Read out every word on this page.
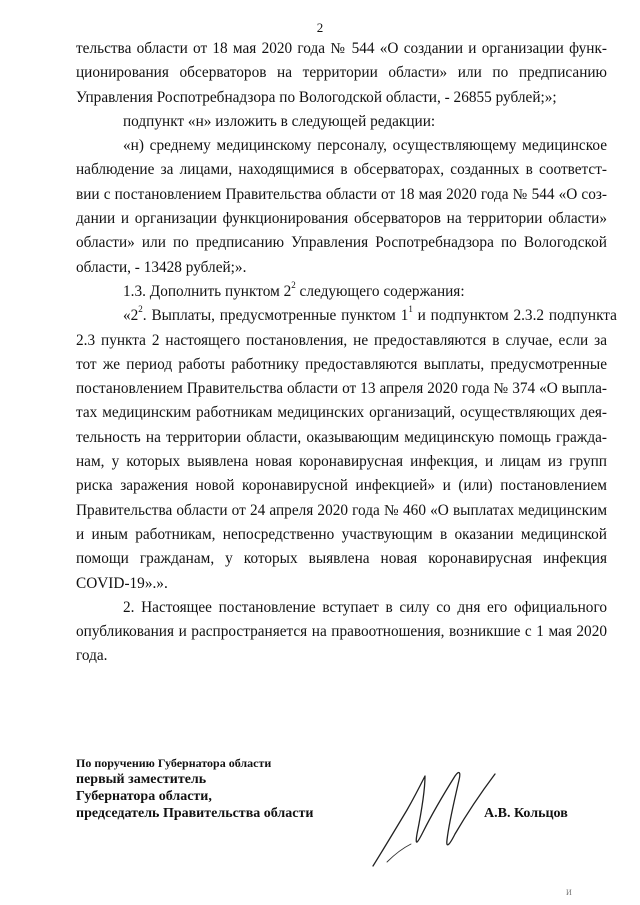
2
тельства области от 18 мая 2020 года № 544 «О создании и организации функ-
ционирования обсерваторов на территории области» или по предписанию
Управления Роспотребнадзора по Вологодской области, - 26855 рублей;»;
подпункт «н» изложить в следующей редакции:
«н) среднему медицинскому персоналу, осуществляющему медицинское
наблюдение за лицами, находящимися в обсерваторах, созданных в соответст-
вии с постановлением Правительства области от 18 мая 2020 года № 544 «О соз-
дании и организации функционирования обсерваторов на территории области»
области» или по предписанию Управления Роспотребнадзора по Вологодской
области, - 13428 рублей;».
1.3. Дополнить пунктом $2^2$ следующего содержания:
«$2^2$. Выплаты, предусмотренные пунктом $1^1$ и подпунктом 2.3.2 подпункта
2.3 пункта 2 настоящего постановления, не предоставляются в случае, если за
тот же период работы работнику предоставляются выплаты, предусмотренные
постановлением Правительства области от 13 апреля 2020 года № 374 «О выпла-
тах медицинским работникам медицинских организаций, осуществляющих дея-
тельность на территории области, оказывающим медицинскую помощь гражда-
нам, у которых выявлена новая коронавирусная инфекция, и лицам из групп
риска заражения новой коронавирусной инфекцией» и (или) постановлением
Правительства области от 24 апреля 2020 года № 460 «О выплатах медицинским
и иным работникам, непосредственно участвующим в оказании медицинской
помощи гражданам, у которых выявлена новая коронавирусная инфекция
COVID-19».».
2. Настоящее постановление вступает в силу со дня его официального
опубликования и распространяется на правоотношения, возникшие с 1 мая 2020
года.
По поручению Губернатора области
первый заместитель
Губернатора области,
председатель Правительства области	А.В. Кольцов
И
